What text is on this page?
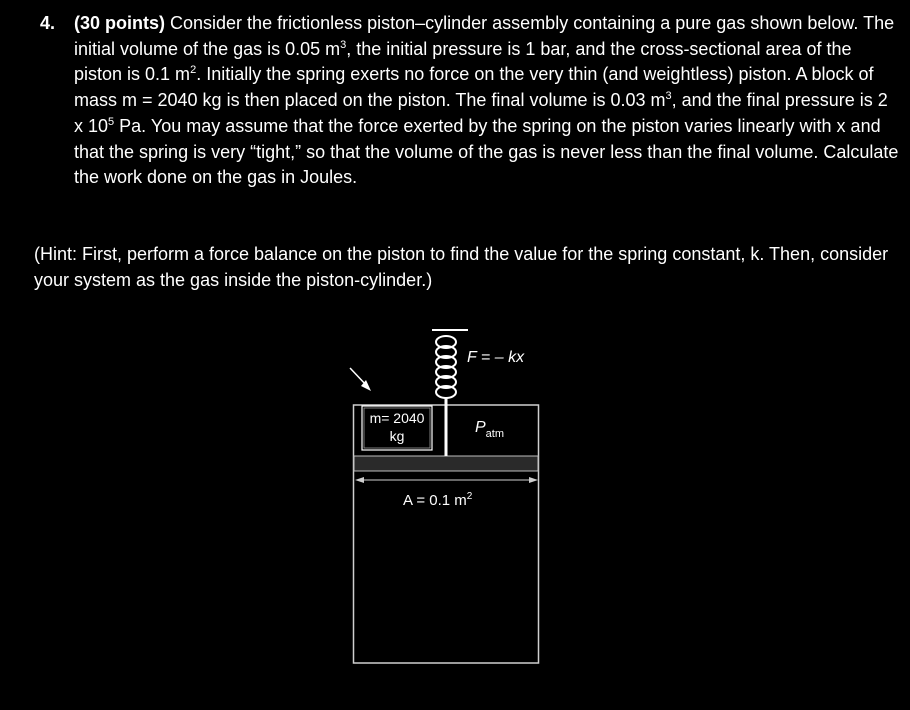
4. (30 points) Consider the frictionless piston–cylinder assembly containing a pure gas shown below. The initial volume of the gas is 0.05 $m^3$, the initial pressure is 1 bar, and the cross-sectional area of the piston is 0.1 $m^2$. Initially the spring exerts no force on the very thin (and weightless) piston. A block of mass m = 2040 kg is then placed on the piston. The final volume is 0.03 $m^3$, and the final pressure is 2 x $10^5$ Pa. You may assume that the force exerted by the spring on the piston varies linearly with x and that the spring is very “tight,” so that the volume of the gas is never less than the final volume. Calculate the work done on the gas in Joules.
(Hint: First, perform a force balance on the piston to find the value for the spring constant, k. Then, consider your system as the gas inside the piston-cylinder.)
m= 2040
kg
F = – kx
$P_{atm}$
A = 0.1 $m^2$
